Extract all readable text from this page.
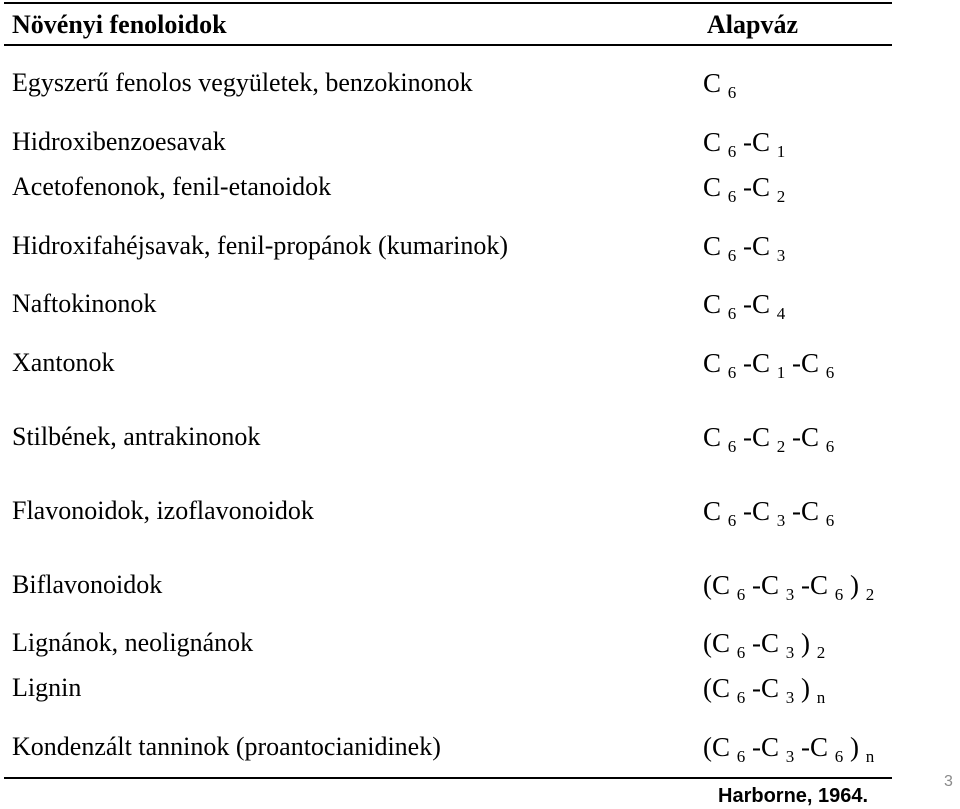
Növényi fenoloidok	Alapváz
Egyszerű fenolos vegyületek, benzokinonok	C $_6$
Hidroxibenzoesavak	C $_6$ -C $_1$
Acetofenonok, fenil-etanoidok	C $_6$ -C $_2$
Hidroxifahéjsavak, fenil-propánok (kumarinok)	C $_6$ -C $_3$
Naftokinonok	C $_6$ -C $_4$
Xantonok	C $_6$ -C $_1$ -C $_6$
Stilbének, antrakinonok	C $_6$ -C $_2$ -C $_6$
Flavonoidok, izoflavonoidok	C $_6$ -C $_3$ -C $_6$
Biflavonoidok	(C $_6$ -C $_3$ -C $_6$ ) $_2$
Lignánok, neolignánok	(C $_6$ -C $_3$ ) $_2$
Lignin	(C $_6$ -C $_3$ ) $_n$
Kondenzált tanninok (proantocianidinek)	(C $_6$ -C $_3$ -C $_6$ ) $_n$
Harborne, 1964.
3
